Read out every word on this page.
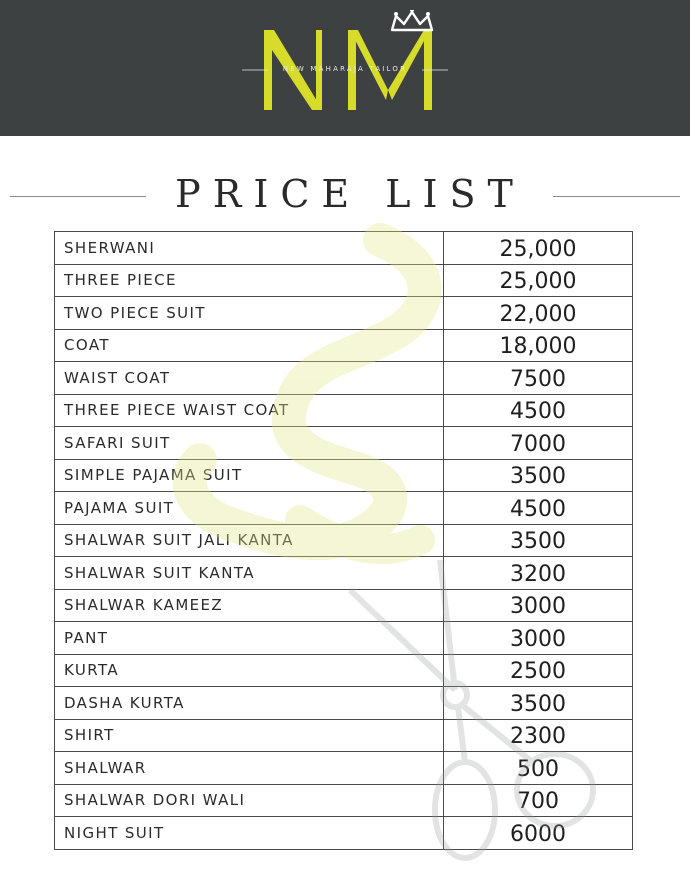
NEW MAHARAJA TAILOR
PRICE LIST
SHERWANI	25,000
THREE PIECE	25,000
TWO PIECE SUIT	22,000
COAT	18,000
WAIST COAT	7500
THREE PIECE WAIST COAT	4500
SAFARI SUIT	7000
SIMPLE PAJAMA SUIT	3500
PAJAMA SUIT	4500
SHALWAR SUIT JALI KANTA	3500
SHALWAR SUIT KANTA	3200
SHALWAR KAMEEZ	3000
PANT	3000
KURTA	2500
DASHA KURTA	3500
SHIRT	2300
SHALWAR	500
SHALWAR DORI WALI	700
NIGHT SUIT	6000
